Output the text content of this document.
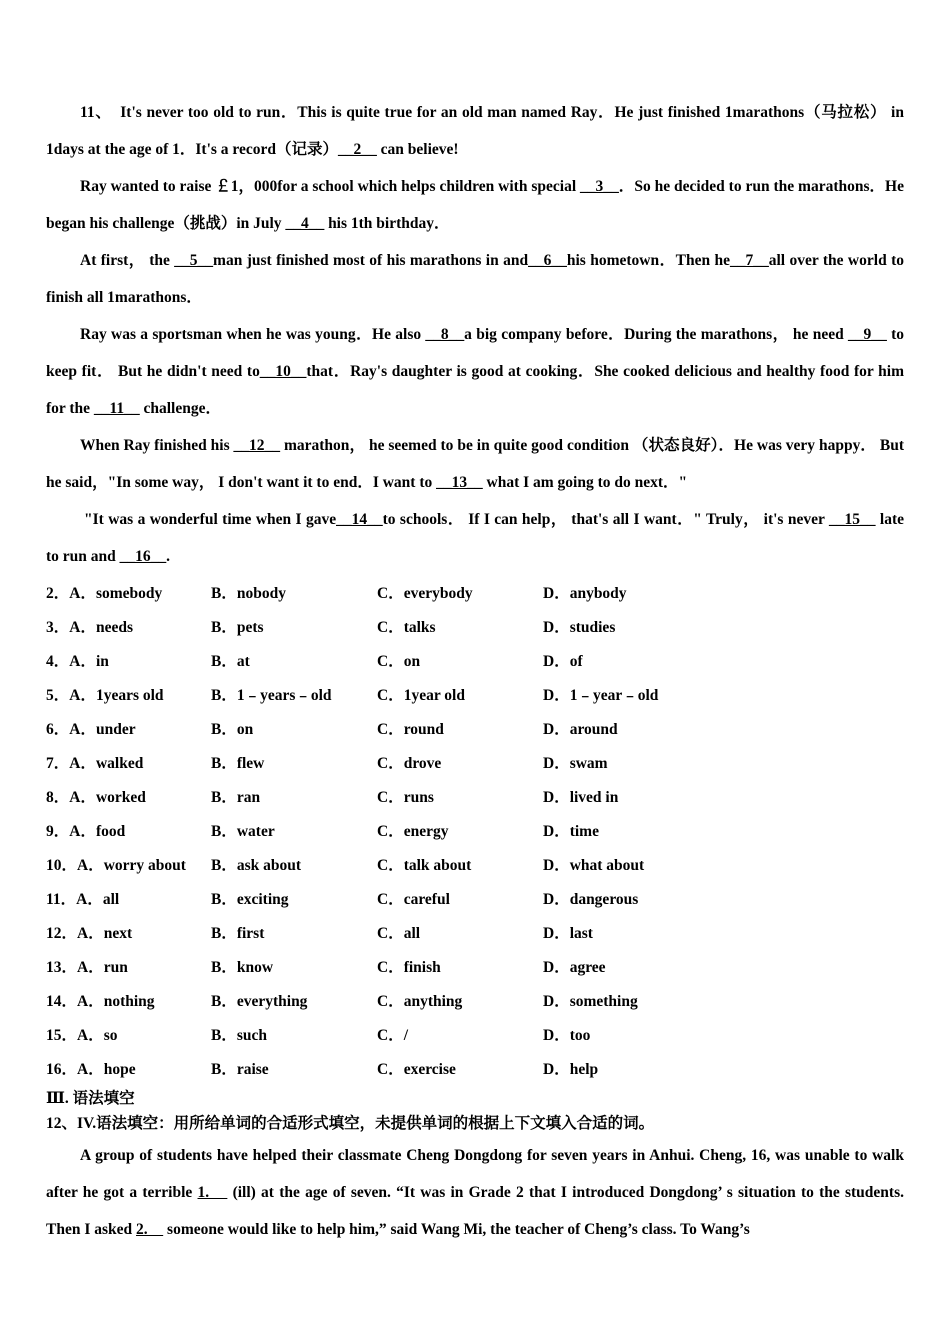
11、　It's never too old to run．This is quite true for an old man named Ray．He just finished 1marathons（马拉松） in 1days at the age of 1．It's a record（记录）__2__ can believe!

Ray wanted to raise ￡1，000for a school which helps children with special __3__．So he decided to run the marathons．He began his challenge（挑战）in July __4__ his 1th birthday．

At first， the __5__man just finished most of his marathons in and__6__his hometown．Then he__7__all over the world to finish all 1marathons．

Ray was a sportsman when he was young．He also __8__a big company before．During the marathons， he need __9__ to keep fit． But he didn't need to__10__that．Ray's daughter is good at cooking．She cooked delicious and healthy food for him for the __11__ challenge．

When Ray finished his __12__ marathon， he seemed to be in quite good condition （状态良好）．He was very happy． But he said，"In some way， I don't want it to end．I want to __13__ what I am going to do next．"

"It was a wonderful time when I gave__14__to schools． If I can help， that's all I want．" Truly， it's never __15__ late to run and __16__.

2．A．somebody	B．nobody	C．everybody	D．anybody
3．A．needs	B．pets	C．talks	D．studies
4．A．in	B．at	C．on	D．of
5．A．1years old	B．1﹣years﹣old	C．1year old	D．1﹣year﹣old
6．A．under	B．on	C．round	D．around
7．A．walked	B．flew	C．drove	D．swam
8．A．worked	B．ran	C．runs	D．lived in
9．A．food	B．water	C．energy	D．time
10．A．worry about	B．ask about	C．talk about	D．what about
11．A．all	B．exciting	C．careful	D．dangerous
12．A．next	B．first	C．all	D．last
13．A．run	B．know	C．finish	D．agree
14．A．nothing	B．everything	C．anything	D．something
15．A．so	B．such	C．/	D．too
16．A．hope	B．raise	C．exercise	D．help
Ⅲ. 语法填空
12、IV.语法填空：用所给单词的合适形式填空，未提供单词的根据上下文填入合适的词。

A group of students have helped their classmate Cheng Dongdong for seven years in Anhui. Cheng, 16, was unable to walk after he got a terrible 1.　 (ill) at the age of seven. “It was in Grade 2 that I introduced Dongdong’ s situation to the students. Then I asked 2.　 someone would like to help him,” said Wang Mi, the teacher of Cheng’s class. To Wang’s
